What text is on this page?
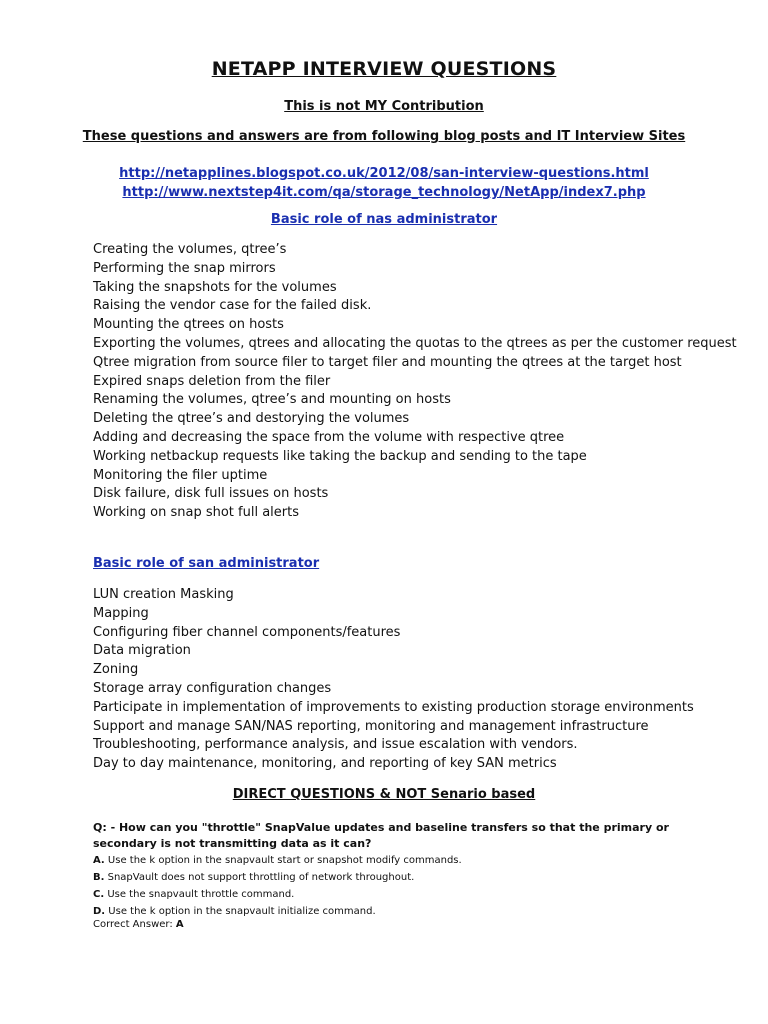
NETAPP INTERVIEW QUESTIONS
This is not MY Contribution
These questions and answers are from following blog posts and IT Interview Sites
http://netapplines.blogspot.co.uk/2012/08/san-interview-questions.html
http://www.nextstep4it.com/qa/storage_technology/NetApp/index7.php
Basic role of nas administrator
Creating the volumes, qtree’s
Performing the snap mirrors
Taking the snapshots for the volumes
Raising the vendor case for the failed disk.
Mounting the qtrees on hosts
Exporting the volumes, qtrees and allocating the quotas to the qtrees as per the customer request
Qtree migration from source filer to target filer and mounting the qtrees at the target host
Expired snaps deletion from the filer
Renaming the volumes, qtree’s and mounting on hosts
Deleting the qtree’s and destorying the volumes
Adding and decreasing the space from the volume with respective qtree
Working netbackup requests like taking the backup and sending to the tape
Monitoring the filer uptime
Disk failure, disk full issues on hosts
Working on snap shot full alerts
Basic role of san administrator
LUN creation Masking
Mapping
Configuring fiber channel components/features
Data migration
Zoning
Storage array configuration changes
Participate in implementation of improvements to existing production storage environments
Support and manage SAN/NAS reporting, monitoring and management infrastructure
Troubleshooting, performance analysis, and issue escalation with vendors.
Day to day maintenance, monitoring, and reporting of key SAN metrics
DIRECT QUESTIONS & NOT Senario based
Q: - How can you "throttle" SnapValue updates and baseline transfers so that the primary or secondary is not transmitting data as it can?
A. Use the k option in the snapvault start or snapshot modify commands.
B. SnapVault does not support throttling of network throughout.
C. Use the snapvault throttle command.
D. Use the k option in the snapvault initialize command.
Correct Answer: A
